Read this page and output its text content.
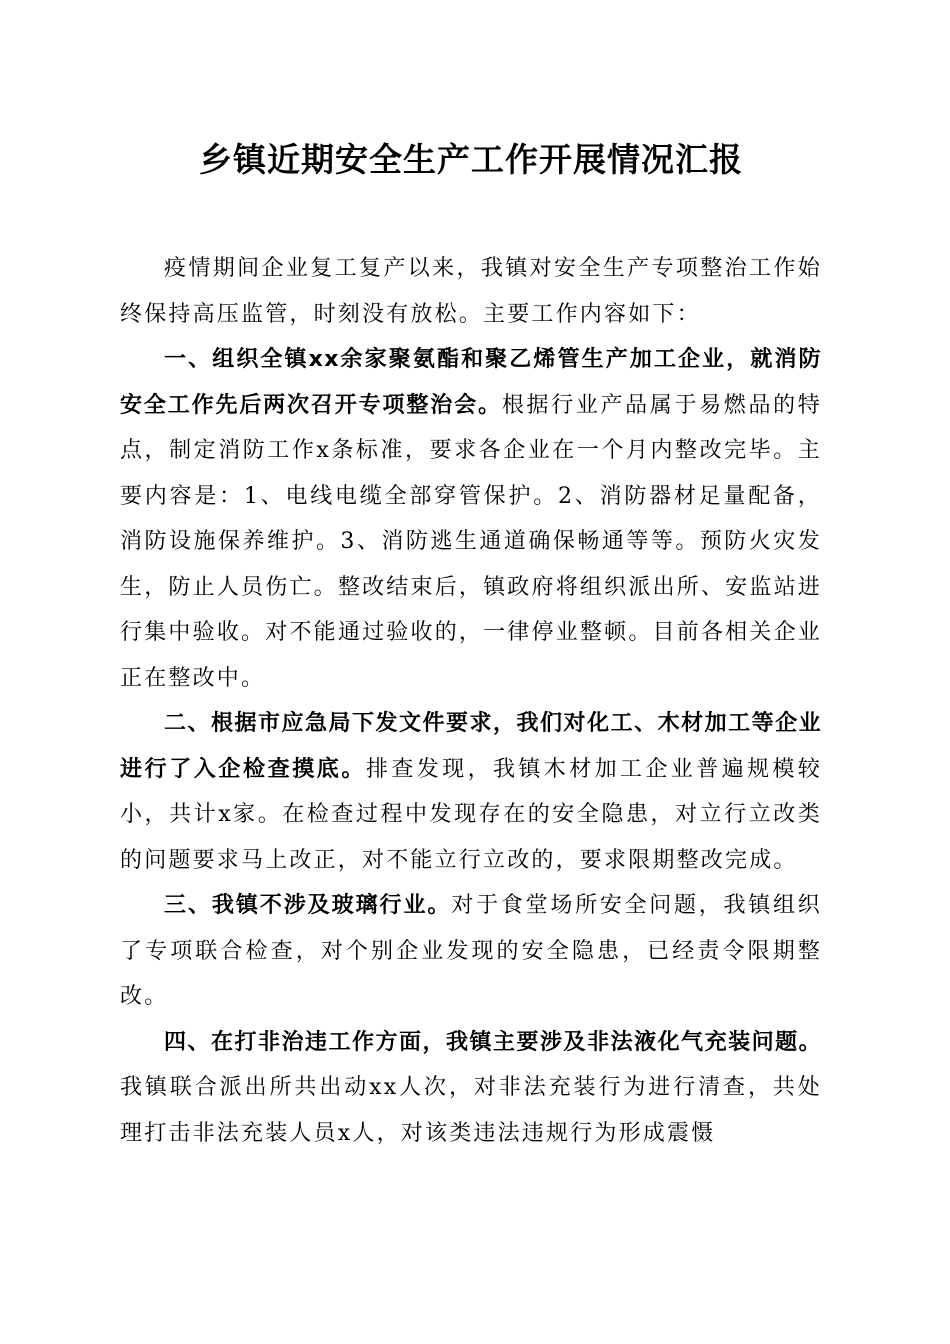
乡镇近期安全生产工作开展情况汇报

疫情期间企业复工复产以来，我镇对安全生产专项整治工作始终保持高压监管，时刻没有放松。主要工作内容如下：

一、组织全镇xx余家聚氨酯和聚乙烯管生产加工企业，就消防安全工作先后两次召开专项整治会。根据行业产品属于易燃品的特点，制定消防工作x条标准，要求各企业在一个月内整改完毕。主要内容是：1、电线电缆全部穿管保护。2、消防器材足量配备，消防设施保养维护。3、消防逃生通道确保畅通等等。预防火灾发生，防止人员伤亡。整改结束后，镇政府将组织派出所、安监站进行集中验收。对不能通过验收的，一律停业整顿。目前各相关企业正在整改中。

二、根据市应急局下发文件要求，我们对化工、木材加工等企业进行了入企检查摸底。排查发现，我镇木材加工企业普遍规模较小，共计x家。在检查过程中发现存在的安全隐患，对立行立改类的问题要求马上改正，对不能立行立改的，要求限期整改完成。

三、我镇不涉及玻璃行业。对于食堂场所安全问题，我镇组织了专项联合检查，对个别企业发现的安全隐患，已经责令限期整改。

四、在打非治违工作方面，我镇主要涉及非法液化气充装问题。我镇联合派出所共出动xx人次，对非法充装行为进行清查，共处理打击非法充装人员x人，对该类违法违规行为形成震慑
